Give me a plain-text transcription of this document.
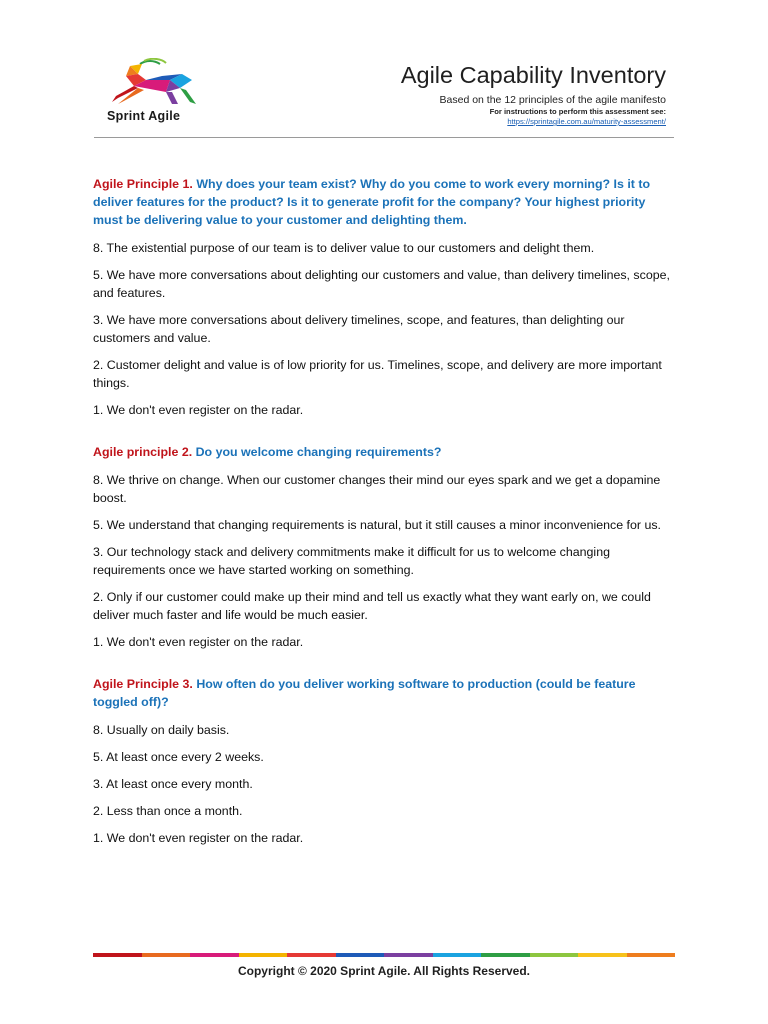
Sprint Agile
Agile Capability Inventory
Based on the 12 principles of the agile manifesto
For instructions to perform this assessment see:
https://sprintagile.com.au/maturity-assessment/

Agile Principle 1. Why does your team exist? Why do you come to work every morning? Is it to deliver features for the product? Is it to generate profit for the company? Your highest priority must be delivering value to your customer and delighting them.

8. The existential purpose of our team is to deliver value to our customers and delight them.

5. We have more conversations about delighting our customers and value, than delivery timelines, scope, and features.

3. We have more conversations about delivery timelines, scope, and features, than delighting our customers and value.

2. Customer delight and value is of low priority for us. Timelines, scope, and delivery are more important things.

1. We don't even register on the radar.

Agile principle 2. Do you welcome changing requirements?

8. We thrive on change. When our customer changes their mind our eyes spark and we get a dopamine boost.

5. We understand that changing requirements is natural, but it still causes a minor inconvenience for us.

3. Our technology stack and delivery commitments make it difficult for us to welcome changing requirements once we have started working on something.

2. Only if our customer could make up their mind and tell us exactly what they want early on, we could deliver much faster and life would be much easier.

1. We don't even register on the radar.

Agile Principle 3. How often do you deliver working software to production (could be feature toggled off)?

8. Usually on daily basis.

5. At least once every 2 weeks.

3. At least once every month.

2. Less than once a month.

1. We don't even register on the radar.

Copyright © 2020 Sprint Agile. All Rights Reserved.
